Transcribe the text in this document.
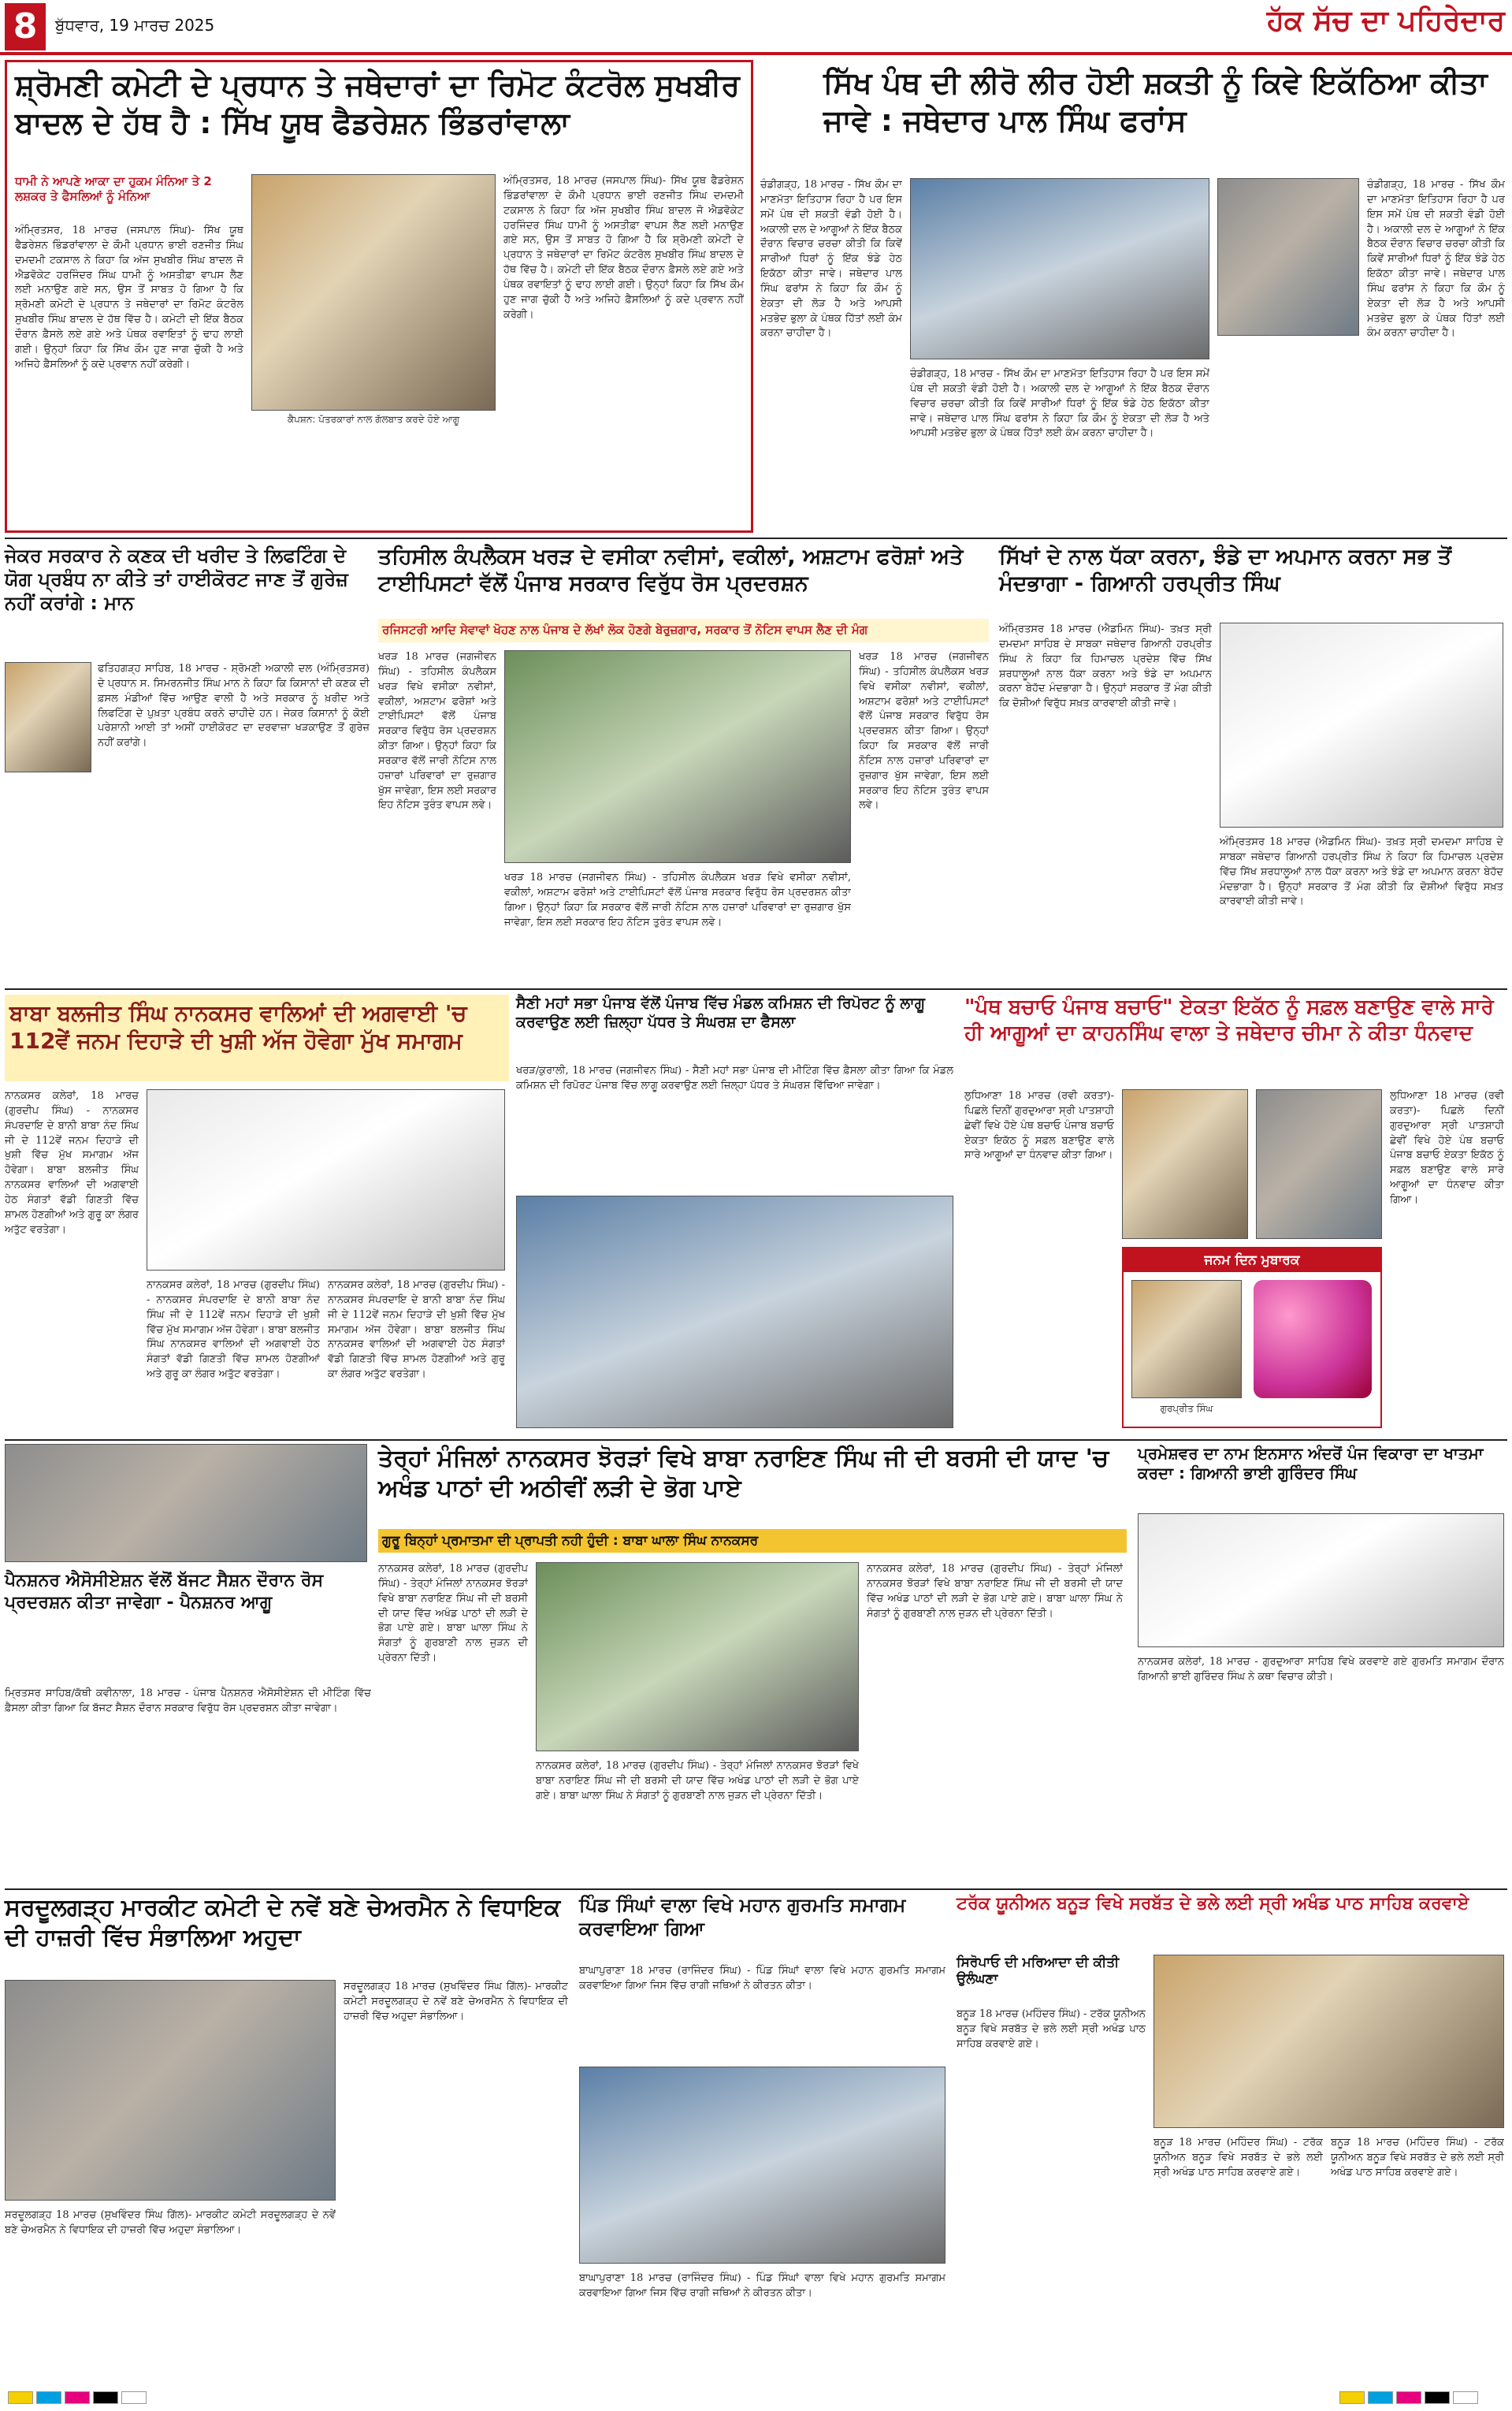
8	ਬੁੱਧਵਾਰ, 19 ਮਾਰਚ 2025	ਹੱਕ ਸੱਚ ਦਾ ਪਹਿਰੇਦਾਰ
ਸ਼੍ਰੋਮਣੀ ਕਮੇਟੀ ਦੇ ਪ੍ਰਧਾਨ ਤੇ ਜਥੇਦਾਰਾਂ ਦਾ ਰਿਮੋਟ ਕੰਟਰੋਲ ਸੁਖਬੀਰ ਬਾਦਲ ਦੇ ਹੱਥ ਹੈ : ਸਿੱਖ ਯੂਥ ਫੈਡਰੇਸ਼ਨ ਭਿੰਡਰਾਂਵਾਲਾ
ਧਾਮੀ ਨੇ ਆਪਣੇ ਆਕਾ ਦਾ ਹੁਕਮ ਮੰਨਿਆ ਤੇ 2 ਲਸ਼ਕਰ ਤੇ ਫੈਸਲਿਆਂ ਨੂੰ ਮੰਨਿਆ
ਅੰਮ੍ਰਿਤਸਰ, 18 ਮਾਰਚ (ਜਸਪਾਲ ਸਿੰਘ)- ਸਿੱਖ ਯੂਥ ਫੈਡਰੇਸ਼ਨ ਭਿੰਡਰਾਂਵਾਲਾ ਦੇ ਕੌਮੀ ਪ੍ਰਧਾਨ ਭਾਈ ਰਣਜੀਤ ਸਿੰਘ ਦਮਦਮੀ ਟਕਸਾਲ ਨੇ ਕਿਹਾ ਕਿ ਅੱਜ ਸੁਖਬੀਰ ਸਿੰਘ ਬਾਦਲ ਜੋ ਐਡਵੋਕੇਟ ਹਰਜਿੰਦਰ ਸਿੰਘ ਧਾਮੀ ਨੂੰ ਅਸਤੀਫ਼ਾ ਵਾਪਸ ਲੈਣ ਲਈ ਮਨਾਉਣ ਗਏ ਸਨ, ਉਸ ਤੋਂ ਸਾਬਤ ਹੋ ਗਿਆ ਹੈ ਕਿ ਸ਼੍ਰੋਮਣੀ ਕਮੇਟੀ ਦੇ ਪ੍ਰਧਾਨ ਤੇ ਜਥੇਦਾਰਾਂ ਦਾ ਰਿਮੋਟ ਕੰਟਰੋਲ ਸੁਖਬੀਰ ਸਿੰਘ ਬਾਦਲ ਦੇ ਹੱਥ ਵਿੱਚ ਹੈ। ਕਮੇਟੀ ਦੀ ਇੱਕ ਬੈਠਕ ਦੌਰਾਨ ਫ਼ੈਸਲੇ ਲਏ ਗਏ ਅਤੇ ਪੰਥਕ ਰਵਾਇਤਾਂ ਨੂੰ ਢਾਹ ਲਾਈ ਗਈ। ਉਨ੍ਹਾਂ ਕਿਹਾ ਕਿ ਸਿੱਖ ਕੌਮ ਹੁਣ ਜਾਗ ਚੁੱਕੀ ਹੈ ਅਤੇ ਅਜਿਹੇ ਫ਼ੈਸਲਿਆਂ ਨੂੰ ਕਦੇ ਪ੍ਰਵਾਨ ਨਹੀਂ ਕਰੇਗੀ।
ਕੈਪਸ਼ਨ: ਪੱਤਰਕਾਰਾਂ ਨਾਲ ਗੱਲਬਾਤ ਕਰਦੇ ਹੋਏ ਆਗੂ
ਅੰਮ੍ਰਿਤਸਰ, 18 ਮਾਰਚ (ਜਸਪਾਲ ਸਿੰਘ)- ਸਿੱਖ ਯੂਥ ਫੈਡਰੇਸ਼ਨ ਭਿੰਡਰਾਂਵਾਲਾ ਦੇ ਕੌਮੀ ਪ੍ਰਧਾਨ ਭਾਈ ਰਣਜੀਤ ਸਿੰਘ ਦਮਦਮੀ ਟਕਸਾਲ ਨੇ ਕਿਹਾ ਕਿ ਅੱਜ ਸੁਖਬੀਰ ਸਿੰਘ ਬਾਦਲ ਜੋ ਐਡਵੋਕੇਟ ਹਰਜਿੰਦਰ ਸਿੰਘ ਧਾਮੀ ਨੂੰ ਅਸਤੀਫ਼ਾ ਵਾਪਸ ਲੈਣ ਲਈ ਮਨਾਉਣ ਗਏ ਸਨ, ਉਸ ਤੋਂ ਸਾਬਤ ਹੋ ਗਿਆ ਹੈ ਕਿ ਸ਼੍ਰੋਮਣੀ ਕਮੇਟੀ ਦੇ ਪ੍ਰਧਾਨ ਤੇ ਜਥੇਦਾਰਾਂ ਦਾ ਰਿਮੋਟ ਕੰਟਰੋਲ ਸੁਖਬੀਰ ਸਿੰਘ ਬਾਦਲ ਦੇ ਹੱਥ ਵਿੱਚ ਹੈ। ਕਮੇਟੀ ਦੀ ਇੱਕ ਬੈਠਕ ਦੌਰਾਨ ਫ਼ੈਸਲੇ ਲਏ ਗਏ ਅਤੇ ਪੰਥਕ ਰਵਾਇਤਾਂ ਨੂੰ ਢਾਹ ਲਾਈ ਗਈ। ਉਨ੍ਹਾਂ ਕਿਹਾ ਕਿ ਸਿੱਖ ਕੌਮ ਹੁਣ ਜਾਗ ਚੁੱਕੀ ਹੈ ਅਤੇ ਅਜਿਹੇ ਫ਼ੈਸਲਿਆਂ ਨੂੰ ਕਦੇ ਪ੍ਰਵਾਨ ਨਹੀਂ ਕਰੇਗੀ।
ਸਿੱਖ ਪੰਥ ਦੀ ਲੀਰੋ ਲੀਰ ਹੋਈ ਸ਼ਕਤੀ ਨੂੰ ਕਿਵੇ ਇਕੱਠਿਆ ਕੀਤਾ ਜਾਵੇ : ਜਥੇਦਾਰ ਪਾਲ ਸਿੰਘ ਫਰਾਂਸ
ਚੰਡੀਗੜ੍ਹ, 18 ਮਾਰਚ - ਸਿੱਖ ਕੌਮ ਦਾ ਮਾਣਮੱਤਾ ਇਤਿਹਾਸ ਰਿਹਾ ਹੈ ਪਰ ਇਸ ਸਮੇਂ ਪੰਥ ਦੀ ਸ਼ਕਤੀ ਵੰਡੀ ਹੋਈ ਹੈ। ਅਕਾਲੀ ਦਲ ਦੇ ਆਗੂਆਂ ਨੇ ਇੱਕ ਬੈਠਕ ਦੌਰਾਨ ਵਿਚਾਰ ਚਰਚਾ ਕੀਤੀ ਕਿ ਕਿਵੇਂ ਸਾਰੀਆਂ ਧਿਰਾਂ ਨੂੰ ਇੱਕ ਝੰਡੇ ਹੇਠ ਇਕੱਠਾ ਕੀਤਾ ਜਾਵੇ। ਜਥੇਦਾਰ ਪਾਲ ਸਿੰਘ ਫਰਾਂਸ ਨੇ ਕਿਹਾ ਕਿ ਕੌਮ ਨੂੰ ਏਕਤਾ ਦੀ ਲੋੜ ਹੈ ਅਤੇ ਆਪਸੀ ਮਤਭੇਦ ਭੁਲਾ ਕੇ ਪੰਥਕ ਹਿੱਤਾਂ ਲਈ ਕੰਮ ਕਰਨਾ ਚਾਹੀਦਾ ਹੈ।
ਚੰਡੀਗੜ੍ਹ, 18 ਮਾਰਚ - ਸਿੱਖ ਕੌਮ ਦਾ ਮਾਣਮੱਤਾ ਇਤਿਹਾਸ ਰਿਹਾ ਹੈ ਪਰ ਇਸ ਸਮੇਂ ਪੰਥ ਦੀ ਸ਼ਕਤੀ ਵੰਡੀ ਹੋਈ ਹੈ। ਅਕਾਲੀ ਦਲ ਦੇ ਆਗੂਆਂ ਨੇ ਇੱਕ ਬੈਠਕ ਦੌਰਾਨ ਵਿਚਾਰ ਚਰਚਾ ਕੀਤੀ ਕਿ ਕਿਵੇਂ ਸਾਰੀਆਂ ਧਿਰਾਂ ਨੂੰ ਇੱਕ ਝੰਡੇ ਹੇਠ ਇਕੱਠਾ ਕੀਤਾ ਜਾਵੇ। ਜਥੇਦਾਰ ਪਾਲ ਸਿੰਘ ਫਰਾਂਸ ਨੇ ਕਿਹਾ ਕਿ ਕੌਮ ਨੂੰ ਏਕਤਾ ਦੀ ਲੋੜ ਹੈ ਅਤੇ ਆਪਸੀ ਮਤਭੇਦ ਭੁਲਾ ਕੇ ਪੰਥਕ ਹਿੱਤਾਂ ਲਈ ਕੰਮ ਕਰਨਾ ਚਾਹੀਦਾ ਹੈ।
ਚੰਡੀਗੜ੍ਹ, 18 ਮਾਰਚ - ਸਿੱਖ ਕੌਮ ਦਾ ਮਾਣਮੱਤਾ ਇਤਿਹਾਸ ਰਿਹਾ ਹੈ ਪਰ ਇਸ ਸਮੇਂ ਪੰਥ ਦੀ ਸ਼ਕਤੀ ਵੰਡੀ ਹੋਈ ਹੈ। ਅਕਾਲੀ ਦਲ ਦੇ ਆਗੂਆਂ ਨੇ ਇੱਕ ਬੈਠਕ ਦੌਰਾਨ ਵਿਚਾਰ ਚਰਚਾ ਕੀਤੀ ਕਿ ਕਿਵੇਂ ਸਾਰੀਆਂ ਧਿਰਾਂ ਨੂੰ ਇੱਕ ਝੰਡੇ ਹੇਠ ਇਕੱਠਾ ਕੀਤਾ ਜਾਵੇ। ਜਥੇਦਾਰ ਪਾਲ ਸਿੰਘ ਫਰਾਂਸ ਨੇ ਕਿਹਾ ਕਿ ਕੌਮ ਨੂੰ ਏਕਤਾ ਦੀ ਲੋੜ ਹੈ ਅਤੇ ਆਪਸੀ ਮਤਭੇਦ ਭੁਲਾ ਕੇ ਪੰਥਕ ਹਿੱਤਾਂ ਲਈ ਕੰਮ ਕਰਨਾ ਚਾਹੀਦਾ ਹੈ।
ਜੇਕਰ ਸਰਕਾਰ ਨੇ ਕਣਕ ਦੀ ਖਰੀਦ ਤੇ ਲਿਫਟਿੰਗ ਦੇ ਯੋਗ ਪ੍ਰਬੰਧ ਨਾ ਕੀਤੇ ਤਾਂ ਹਾਈਕੋਰਟ ਜਾਣ ਤੋਂ ਗੁਰੇਜ਼ ਨਹੀਂ ਕਰਾਂਗੇ : ਮਾਨ
ਫਤਿਹਗੜ੍ਹ ਸਾਹਿਬ, 18 ਮਾਰਚ - ਸ਼੍ਰੋਮਣੀ ਅਕਾਲੀ ਦਲ (ਅੰਮ੍ਰਿਤਸਰ) ਦੇ ਪ੍ਰਧਾਨ ਸ. ਸਿਮਰਨਜੀਤ ਸਿੰਘ ਮਾਨ ਨੇ ਕਿਹਾ ਕਿ ਕਿਸਾਨਾਂ ਦੀ ਕਣਕ ਦੀ ਫ਼ਸਲ ਮੰਡੀਆਂ ਵਿੱਚ ਆਉਣ ਵਾਲੀ ਹੈ ਅਤੇ ਸਰਕਾਰ ਨੂੰ ਖ਼ਰੀਦ ਅਤੇ ਲਿਫਟਿੰਗ ਦੇ ਪੁਖ਼ਤਾ ਪ੍ਰਬੰਧ ਕਰਨੇ ਚਾਹੀਦੇ ਹਨ। ਜੇਕਰ ਕਿਸਾਨਾਂ ਨੂੰ ਕੋਈ ਪਰੇਸ਼ਾਨੀ ਆਈ ਤਾਂ ਅਸੀਂ ਹਾਈਕੋਰਟ ਦਾ ਦਰਵਾਜ਼ਾ ਖੜਕਾਉਣ ਤੋਂ ਗੁਰੇਜ਼ ਨਹੀਂ ਕਰਾਂਗੇ।
ਤਹਿਸੀਲ ਕੰਪਲੈਕਸ ਖਰੜ ਦੇ ਵਸੀਕਾ ਨਵੀਸਾਂ, ਵਕੀਲਾਂ, ਅਸ਼ਟਾਮ ਫਰੋਸ਼ਾਂ ਅਤੇ ਟਾਈਪਿਸਟਾਂ ਵੱਲੋਂ ਪੰਜਾਬ ਸਰਕਾਰ ਵਿਰੁੱਧ ਰੋਸ ਪ੍ਰਦਰਸ਼ਨ
ਰਜਿਸਟਰੀ ਆਦਿ ਸੇਵਾਵਾਂ ਖੋਹਣ ਨਾਲ ਪੰਜਾਬ ਦੇ ਲੱਖਾਂ ਲੋਕ ਹੋਣਗੇ ਬੇਰੁਜ਼ਗਾਰ, ਸਰਕਾਰ ਤੋਂ ਨੋਟਿਸ ਵਾਪਸ ਲੈਣ ਦੀ ਮੰਗ
ਖਰੜ 18 ਮਾਰਚ (ਜਗਜੀਵਨ ਸਿੰਘ) - ਤਹਿਸੀਲ ਕੰਪਲੈਕਸ ਖਰੜ ਵਿਖੇ ਵਸੀਕਾ ਨਵੀਸਾਂ, ਵਕੀਲਾਂ, ਅਸ਼ਟਾਮ ਫਰੋਸ਼ਾਂ ਅਤੇ ਟਾਈਪਿਸਟਾਂ ਵੱਲੋਂ ਪੰਜਾਬ ਸਰਕਾਰ ਵਿਰੁੱਧ ਰੋਸ ਪ੍ਰਦਰਸ਼ਨ ਕੀਤਾ ਗਿਆ। ਉਨ੍ਹਾਂ ਕਿਹਾ ਕਿ ਸਰਕਾਰ ਵੱਲੋਂ ਜਾਰੀ ਨੋਟਿਸ ਨਾਲ ਹਜ਼ਾਰਾਂ ਪਰਿਵਾਰਾਂ ਦਾ ਰੁਜ਼ਗਾਰ ਖੁੱਸ ਜਾਵੇਗਾ, ਇਸ ਲਈ ਸਰਕਾਰ ਇਹ ਨੋਟਿਸ ਤੁਰੰਤ ਵਾਪਸ ਲਵੇ।
ਖਰੜ 18 ਮਾਰਚ (ਜਗਜੀਵਨ ਸਿੰਘ) - ਤਹਿਸੀਲ ਕੰਪਲੈਕਸ ਖਰੜ ਵਿਖੇ ਵਸੀਕਾ ਨਵੀਸਾਂ, ਵਕੀਲਾਂ, ਅਸ਼ਟਾਮ ਫਰੋਸ਼ਾਂ ਅਤੇ ਟਾਈਪਿਸਟਾਂ ਵੱਲੋਂ ਪੰਜਾਬ ਸਰਕਾਰ ਵਿਰੁੱਧ ਰੋਸ ਪ੍ਰਦਰਸ਼ਨ ਕੀਤਾ ਗਿਆ। ਉਨ੍ਹਾਂ ਕਿਹਾ ਕਿ ਸਰਕਾਰ ਵੱਲੋਂ ਜਾਰੀ ਨੋਟਿਸ ਨਾਲ ਹਜ਼ਾਰਾਂ ਪਰਿਵਾਰਾਂ ਦਾ ਰੁਜ਼ਗਾਰ ਖੁੱਸ ਜਾਵੇਗਾ, ਇਸ ਲਈ ਸਰਕਾਰ ਇਹ ਨੋਟਿਸ ਤੁਰੰਤ ਵਾਪਸ ਲਵੇ।
ਖਰੜ 18 ਮਾਰਚ (ਜਗਜੀਵਨ ਸਿੰਘ) - ਤਹਿਸੀਲ ਕੰਪਲੈਕਸ ਖਰੜ ਵਿਖੇ ਵਸੀਕਾ ਨਵੀਸਾਂ, ਵਕੀਲਾਂ, ਅਸ਼ਟਾਮ ਫਰੋਸ਼ਾਂ ਅਤੇ ਟਾਈਪਿਸਟਾਂ ਵੱਲੋਂ ਪੰਜਾਬ ਸਰਕਾਰ ਵਿਰੁੱਧ ਰੋਸ ਪ੍ਰਦਰਸ਼ਨ ਕੀਤਾ ਗਿਆ। ਉਨ੍ਹਾਂ ਕਿਹਾ ਕਿ ਸਰਕਾਰ ਵੱਲੋਂ ਜਾਰੀ ਨੋਟਿਸ ਨਾਲ ਹਜ਼ਾਰਾਂ ਪਰਿਵਾਰਾਂ ਦਾ ਰੁਜ਼ਗਾਰ ਖੁੱਸ ਜਾਵੇਗਾ, ਇਸ ਲਈ ਸਰਕਾਰ ਇਹ ਨੋਟਿਸ ਤੁਰੰਤ ਵਾਪਸ ਲਵੇ।
ਸਿੱਖਾਂ ਦੇ ਨਾਲ ਧੱਕਾ ਕਰਨਾ, ਝੰਡੇ ਦਾ ਅਪਮਾਨ ਕਰਨਾ ਸਭ ਤੋਂ ਮੰਦਭਾਗਾ - ਗਿਆਨੀ ਹਰਪ੍ਰੀਤ ਸਿੰਘ
ਅੰਮ੍ਰਿਤਸਰ 18 ਮਾਰਚ (ਐਡਮਿਨ ਸਿੰਘ)- ਤਖ਼ਤ ਸ੍ਰੀ ਦਮਦਮਾ ਸਾਹਿਬ ਦੇ ਸਾਬਕਾ ਜਥੇਦਾਰ ਗਿਆਨੀ ਹਰਪ੍ਰੀਤ ਸਿੰਘ ਨੇ ਕਿਹਾ ਕਿ ਹਿਮਾਚਲ ਪ੍ਰਦੇਸ਼ ਵਿੱਚ ਸਿੱਖ ਸ਼ਰਧਾਲੂਆਂ ਨਾਲ ਧੱਕਾ ਕਰਨਾ ਅਤੇ ਝੰਡੇ ਦਾ ਅਪਮਾਨ ਕਰਨਾ ਬੇਹੱਦ ਮੰਦਭਾਗਾ ਹੈ। ਉਨ੍ਹਾਂ ਸਰਕਾਰ ਤੋਂ ਮੰਗ ਕੀਤੀ ਕਿ ਦੋਸ਼ੀਆਂ ਵਿਰੁੱਧ ਸਖ਼ਤ ਕਾਰਵਾਈ ਕੀਤੀ ਜਾਵੇ।
ਅੰਮ੍ਰਿਤਸਰ 18 ਮਾਰਚ (ਐਡਮਿਨ ਸਿੰਘ)- ਤਖ਼ਤ ਸ੍ਰੀ ਦਮਦਮਾ ਸਾਹਿਬ ਦੇ ਸਾਬਕਾ ਜਥੇਦਾਰ ਗਿਆਨੀ ਹਰਪ੍ਰੀਤ ਸਿੰਘ ਨੇ ਕਿਹਾ ਕਿ ਹਿਮਾਚਲ ਪ੍ਰਦੇਸ਼ ਵਿੱਚ ਸਿੱਖ ਸ਼ਰਧਾਲੂਆਂ ਨਾਲ ਧੱਕਾ ਕਰਨਾ ਅਤੇ ਝੰਡੇ ਦਾ ਅਪਮਾਨ ਕਰਨਾ ਬੇਹੱਦ ਮੰਦਭਾਗਾ ਹੈ। ਉਨ੍ਹਾਂ ਸਰਕਾਰ ਤੋਂ ਮੰਗ ਕੀਤੀ ਕਿ ਦੋਸ਼ੀਆਂ ਵਿਰੁੱਧ ਸਖ਼ਤ ਕਾਰਵਾਈ ਕੀਤੀ ਜਾਵੇ।
ਬਾਬਾ ਬਲਜੀਤ ਸਿੰਘ ਨਾਨਕਸਰ ਵਾਲਿਆਂ ਦੀ ਅਗਵਾਈ 'ਚ 112ਵੇਂ ਜਨਮ ਦਿਹਾੜੇ ਦੀ ਖੁਸ਼ੀ ਅੱਜ ਹੋਵੇਗਾ ਮੁੱਖ ਸਮਾਗਮ
ਨਾਨਕਸਰ ਕਲੇਰਾਂ, 18 ਮਾਰਚ (ਗੁਰਦੀਪ ਸਿੰਘ) - ਨਾਨਕਸਰ ਸੰਪਰਦਾਇ ਦੇ ਬਾਨੀ ਬਾਬਾ ਨੰਦ ਸਿੰਘ ਜੀ ਦੇ 112ਵੇਂ ਜਨਮ ਦਿਹਾੜੇ ਦੀ ਖੁਸ਼ੀ ਵਿੱਚ ਮੁੱਖ ਸਮਾਗਮ ਅੱਜ ਹੋਵੇਗਾ। ਬਾਬਾ ਬਲਜੀਤ ਸਿੰਘ ਨਾਨਕਸਰ ਵਾਲਿਆਂ ਦੀ ਅਗਵਾਈ ਹੇਠ ਸੰਗਤਾਂ ਵੱਡੀ ਗਿਣਤੀ ਵਿੱਚ ਸ਼ਾਮਲ ਹੋਣਗੀਆਂ ਅਤੇ ਗੁਰੂ ਕਾ ਲੰਗਰ ਅਤੁੱਟ ਵਰਤੇਗਾ।
ਨਾਨਕਸਰ ਕਲੇਰਾਂ, 18 ਮਾਰਚ (ਗੁਰਦੀਪ ਸਿੰਘ) - ਨਾਨਕਸਰ ਸੰਪਰਦਾਇ ਦੇ ਬਾਨੀ ਬਾਬਾ ਨੰਦ ਸਿੰਘ ਜੀ ਦੇ 112ਵੇਂ ਜਨਮ ਦਿਹਾੜੇ ਦੀ ਖੁਸ਼ੀ ਵਿੱਚ ਮੁੱਖ ਸਮਾਗਮ ਅੱਜ ਹੋਵੇਗਾ। ਬਾਬਾ ਬਲਜੀਤ ਸਿੰਘ ਨਾਨਕਸਰ ਵਾਲਿਆਂ ਦੀ ਅਗਵਾਈ ਹੇਠ ਸੰਗਤਾਂ ਵੱਡੀ ਗਿਣਤੀ ਵਿੱਚ ਸ਼ਾਮਲ ਹੋਣਗੀਆਂ ਅਤੇ ਗੁਰੂ ਕਾ ਲੰਗਰ ਅਤੁੱਟ ਵਰਤੇਗਾ।
ਨਾਨਕਸਰ ਕਲੇਰਾਂ, 18 ਮਾਰਚ (ਗੁਰਦੀਪ ਸਿੰਘ) - ਨਾਨਕਸਰ ਸੰਪਰਦਾਇ ਦੇ ਬਾਨੀ ਬਾਬਾ ਨੰਦ ਸਿੰਘ ਜੀ ਦੇ 112ਵੇਂ ਜਨਮ ਦਿਹਾੜੇ ਦੀ ਖੁਸ਼ੀ ਵਿੱਚ ਮੁੱਖ ਸਮਾਗਮ ਅੱਜ ਹੋਵੇਗਾ। ਬਾਬਾ ਬਲਜੀਤ ਸਿੰਘ ਨਾਨਕਸਰ ਵਾਲਿਆਂ ਦੀ ਅਗਵਾਈ ਹੇਠ ਸੰਗਤਾਂ ਵੱਡੀ ਗਿਣਤੀ ਵਿੱਚ ਸ਼ਾਮਲ ਹੋਣਗੀਆਂ ਅਤੇ ਗੁਰੂ ਕਾ ਲੰਗਰ ਅਤੁੱਟ ਵਰਤੇਗਾ।
ਸੈਣੀ ਮਹਾਂ ਸਭਾ ਪੰਜਾਬ ਵੱਲੋਂ ਪੰਜਾਬ ਵਿੱਚ ਮੰਡਲ ਕਮਿਸ਼ਨ ਦੀ ਰਿਪੋਰਟ ਨੂੰ ਲਾਗੂ ਕਰਵਾਉਣ ਲਈ ਜ਼ਿਲ੍ਹਾ ਪੱਧਰ ਤੇ ਸੰਘਰਸ਼ ਦਾ ਫੈਸਲਾ
ਖਰੜ/ਕੁਰਾਲੀ, 18 ਮਾਰਚ (ਜਗਜੀਵਨ ਸਿੰਘ) - ਸੈਣੀ ਮਹਾਂ ਸਭਾ ਪੰਜਾਬ ਦੀ ਮੀਟਿੰਗ ਵਿੱਚ ਫ਼ੈਸਲਾ ਕੀਤਾ ਗਿਆ ਕਿ ਮੰਡਲ ਕਮਿਸ਼ਨ ਦੀ ਰਿਪੋਰਟ ਪੰਜਾਬ ਵਿੱਚ ਲਾਗੂ ਕਰਵਾਉਣ ਲਈ ਜ਼ਿਲ੍ਹਾ ਪੱਧਰ ਤੇ ਸੰਘਰਸ਼ ਵਿੱਢਿਆ ਜਾਵੇਗਾ।
"ਪੰਥ ਬਚਾਓ ਪੰਜਾਬ ਬਚਾਓ" ਏਕਤਾ ਇਕੱਠ ਨੂੰ ਸਫ਼ਲ ਬਣਾਉਣ ਵਾਲੇ ਸਾਰੇ ਹੀ ਆਗੂਆਂ ਦਾ ਕਾਹਨਸਿੰਘ ਵਾਲਾ ਤੇ ਜਥੇਦਾਰ ਚੀਮਾ ਨੇ ਕੀਤਾ ਧੰਨਵਾਦ
ਲੁਧਿਆਣਾ 18 ਮਾਰਚ (ਰਵੀ ਕਰਤਾ)- ਪਿਛਲੇ ਦਿਨੀਂ ਗੁਰਦੁਆਰਾ ਸ੍ਰੀ ਪਾਤਸ਼ਾਹੀ ਛੇਵੀਂ ਵਿਖੇ ਹੋਏ ਪੰਥ ਬਚਾਓ ਪੰਜਾਬ ਬਚਾਓ ਏਕਤਾ ਇਕੱਠ ਨੂੰ ਸਫ਼ਲ ਬਣਾਉਣ ਵਾਲੇ ਸਾਰੇ ਆਗੂਆਂ ਦਾ ਧੰਨਵਾਦ ਕੀਤਾ ਗਿਆ।
ਲੁਧਿਆਣਾ 18 ਮਾਰਚ (ਰਵੀ ਕਰਤਾ)- ਪਿਛਲੇ ਦਿਨੀਂ ਗੁਰਦੁਆਰਾ ਸ੍ਰੀ ਪਾਤਸ਼ਾਹੀ ਛੇਵੀਂ ਵਿਖੇ ਹੋਏ ਪੰਥ ਬਚਾਓ ਪੰਜਾਬ ਬਚਾਓ ਏਕਤਾ ਇਕੱਠ ਨੂੰ ਸਫ਼ਲ ਬਣਾਉਣ ਵਾਲੇ ਸਾਰੇ ਆਗੂਆਂ ਦਾ ਧੰਨਵਾਦ ਕੀਤਾ ਗਿਆ।
ਜਨਮ ਦਿਨ ਮੁਬਾਰਕ
ਗੁਰਪ੍ਰੀਤ ਸਿੰਘ
ਪੈਨਸ਼ਨਰ ਐਸੋਸੀਏਸ਼ਨ ਵੱਲੋਂ ਬੱਜਟ ਸੈਸ਼ਨ ਦੌਰਾਨ ਰੋਸ ਪ੍ਰਦਰਸ਼ਨ ਕੀਤਾ ਜਾਵੇਗਾ - ਪੈਨਸ਼ਨਰ ਆਗੂ
ਤੇਰ੍ਹਾਂ ਮੰਜਿਲਾਂ ਨਾਨਕਸਰ ਝੋਰੜਾਂ ਵਿਖੇ ਬਾਬਾ ਨਰਾਇਣ ਸਿੰਘ ਜੀ ਦੀ ਬਰਸੀ ਦੀ ਯਾਦ 'ਚ ਅਖੰਡ ਪਾਠਾਂ ਦੀ ਅਠੀਵੀਂ ਲੜੀ ਦੇ ਭੋਗ ਪਾਏ
ਗੁਰੂ ਬਿਨ੍ਹਾਂ ਪ੍ਰਮਾਤਮਾ ਦੀ ਪ੍ਰਾਪਤੀ ਨਹੀ ਹੁੰਦੀ : ਬਾਬਾ ਘਾਲਾ ਸਿੰਘ ਨਾਨਕਸਰ
ਨਾਨਕਸਰ ਕਲੇਰਾਂ, 18 ਮਾਰਚ (ਗੁਰਦੀਪ ਸਿੰਘ) - ਤੇਰ੍ਹਾਂ ਮੰਜਿਲਾਂ ਨਾਨਕਸਰ ਝੋਰੜਾਂ ਵਿਖੇ ਬਾਬਾ ਨਰਾਇਣ ਸਿੰਘ ਜੀ ਦੀ ਬਰਸੀ ਦੀ ਯਾਦ ਵਿੱਚ ਅਖੰਡ ਪਾਠਾਂ ਦੀ ਲੜੀ ਦੇ ਭੋਗ ਪਾਏ ਗਏ। ਬਾਬਾ ਘਾਲਾ ਸਿੰਘ ਨੇ ਸੰਗਤਾਂ ਨੂੰ ਗੁਰਬਾਣੀ ਨਾਲ ਜੁੜਨ ਦੀ ਪ੍ਰੇਰਨਾ ਦਿੱਤੀ।
ਨਾਨਕਸਰ ਕਲੇਰਾਂ, 18 ਮਾਰਚ (ਗੁਰਦੀਪ ਸਿੰਘ) - ਤੇਰ੍ਹਾਂ ਮੰਜਿਲਾਂ ਨਾਨਕਸਰ ਝੋਰੜਾਂ ਵਿਖੇ ਬਾਬਾ ਨਰਾਇਣ ਸਿੰਘ ਜੀ ਦੀ ਬਰਸੀ ਦੀ ਯਾਦ ਵਿੱਚ ਅਖੰਡ ਪਾਠਾਂ ਦੀ ਲੜੀ ਦੇ ਭੋਗ ਪਾਏ ਗਏ। ਬਾਬਾ ਘਾਲਾ ਸਿੰਘ ਨੇ ਸੰਗਤਾਂ ਨੂੰ ਗੁਰਬਾਣੀ ਨਾਲ ਜੁੜਨ ਦੀ ਪ੍ਰੇਰਨਾ ਦਿੱਤੀ।
ਨਾਨਕਸਰ ਕਲੇਰਾਂ, 18 ਮਾਰਚ (ਗੁਰਦੀਪ ਸਿੰਘ) - ਤੇਰ੍ਹਾਂ ਮੰਜਿਲਾਂ ਨਾਨਕਸਰ ਝੋਰੜਾਂ ਵਿਖੇ ਬਾਬਾ ਨਰਾਇਣ ਸਿੰਘ ਜੀ ਦੀ ਬਰਸੀ ਦੀ ਯਾਦ ਵਿੱਚ ਅਖੰਡ ਪਾਠਾਂ ਦੀ ਲੜੀ ਦੇ ਭੋਗ ਪਾਏ ਗਏ। ਬਾਬਾ ਘਾਲਾ ਸਿੰਘ ਨੇ ਸੰਗਤਾਂ ਨੂੰ ਗੁਰਬਾਣੀ ਨਾਲ ਜੁੜਨ ਦੀ ਪ੍ਰੇਰਨਾ ਦਿੱਤੀ।
ਪ੍ਰਮੇਸ਼ਵਰ ਦਾ ਨਾਮ ਇਨਸਾਨ ਅੰਦਰੋਂ ਪੰਜ ਵਿਕਾਰਾ ਦਾ ਖਾਤਮਾ ਕਰਦਾ : ਗਿਆਨੀ ਭਾਈ ਗੁਰਿੰਦਰ ਸਿੰਘ
ਨਾਨਕਸਰ ਕਲੇਰਾਂ, 18 ਮਾਰਚ - ਗੁਰਦੁਆਰਾ ਸਾਹਿਬ ਵਿਖੇ ਕਰਵਾਏ ਗਏ ਗੁਰਮਤਿ ਸਮਾਗਮ ਦੌਰਾਨ ਗਿਆਨੀ ਭਾਈ ਗੁਰਿੰਦਰ ਸਿੰਘ ਨੇ ਕਥਾ ਵਿਚਾਰ ਕੀਤੀ।
ਮ੍ਰਿਤਸਰ ਸਾਹਿਬ/ਕੱਥੀ ਕਵੀਨਾਲਾ, 18 ਮਾਰਚ - ਪੰਜਾਬ ਪੈਨਸ਼ਨਰ ਐਸੋਸੀਏਸ਼ਨ ਦੀ ਮੀਟਿੰਗ ਵਿੱਚ ਫ਼ੈਸਲਾ ਕੀਤਾ ਗਿਆ ਕਿ ਬੱਜਟ ਸੈਸ਼ਨ ਦੌਰਾਨ ਸਰਕਾਰ ਵਿਰੁੱਧ ਰੋਸ ਪ੍ਰਦਰਸ਼ਨ ਕੀਤਾ ਜਾਵੇਗਾ।
ਸਰਦੂਲਗੜ੍ਹ ਮਾਰਕੀਟ ਕਮੇਟੀ ਦੇ ਨਵੇਂ ਬਣੇ ਚੇਅਰਮੈਨ ਨੇ ਵਿਧਾਇਕ ਦੀ ਹਾਜ਼ਰੀ ਵਿੱਚ ਸੰਭਾਲਿਆ ਅਹੁਦਾ
ਸਰਦੂਲਗੜ੍ਹ 18 ਮਾਰਚ (ਸੁਖਵਿੰਦਰ ਸਿੰਘ ਗਿੱਲ)- ਮਾਰਕੀਟ ਕਮੇਟੀ ਸਰਦੂਲਗੜ੍ਹ ਦੇ ਨਵੇਂ ਬਣੇ ਚੇਅਰਮੈਨ ਨੇ ਵਿਧਾਇਕ ਦੀ ਹਾਜ਼ਰੀ ਵਿੱਚ ਅਹੁਦਾ ਸੰਭਾਲਿਆ।
ਸਰਦੂਲਗੜ੍ਹ 18 ਮਾਰਚ (ਸੁਖਵਿੰਦਰ ਸਿੰਘ ਗਿੱਲ)- ਮਾਰਕੀਟ ਕਮੇਟੀ ਸਰਦੂਲਗੜ੍ਹ ਦੇ ਨਵੇਂ ਬਣੇ ਚੇਅਰਮੈਨ ਨੇ ਵਿਧਾਇਕ ਦੀ ਹਾਜ਼ਰੀ ਵਿੱਚ ਅਹੁਦਾ ਸੰਭਾਲਿਆ।
ਪਿੰਡ ਸਿੰਘਾਂ ਵਾਲਾ ਵਿਖੇ ਮਹਾਨ ਗੁਰਮਤਿ ਸਮਾਗਮ ਕਰਵਾਇਆ ਗਿਆ
ਬਾਘਾਪੁਰਾਣਾ 18 ਮਾਰਚ (ਰਾਜਿੰਦਰ ਸਿੰਘ) - ਪਿੰਡ ਸਿੰਘਾਂ ਵਾਲਾ ਵਿਖੇ ਮਹਾਨ ਗੁਰਮਤਿ ਸਮਾਗਮ ਕਰਵਾਇਆ ਗਿਆ ਜਿਸ ਵਿੱਚ ਰਾਗੀ ਜਥਿਆਂ ਨੇ ਕੀਰਤਨ ਕੀਤਾ।
ਬਾਘਾਪੁਰਾਣਾ 18 ਮਾਰਚ (ਰਾਜਿੰਦਰ ਸਿੰਘ) - ਪਿੰਡ ਸਿੰਘਾਂ ਵਾਲਾ ਵਿਖੇ ਮਹਾਨ ਗੁਰਮਤਿ ਸਮਾਗਮ ਕਰਵਾਇਆ ਗਿਆ ਜਿਸ ਵਿੱਚ ਰਾਗੀ ਜਥਿਆਂ ਨੇ ਕੀਰਤਨ ਕੀਤਾ।
ਟਰੱਕ ਯੂਨੀਅਨ ਬਨੂੜ ਵਿਖੇ ਸਰਬੱਤ ਦੇ ਭਲੇ ਲਈ ਸ੍ਰੀ ਅਖੰਡ ਪਾਠ ਸਾਹਿਬ ਕਰਵਾਏ
ਸਿਰੋਪਾਓ ਦੀ ਮਰਿਆਦਾ ਦੀ ਕੀਤੀ ਉਲੰਘਣਾ
ਬਨੂੜ 18 ਮਾਰਚ (ਮਹਿੰਦਰ ਸਿੰਘ) - ਟਰੱਕ ਯੂਨੀਅਨ ਬਨੂੜ ਵਿਖੇ ਸਰਬੱਤ ਦੇ ਭਲੇ ਲਈ ਸ੍ਰੀ ਅਖੰਡ ਪਾਠ ਸਾਹਿਬ ਕਰਵਾਏ ਗਏ।
ਬਨੂੜ 18 ਮਾਰਚ (ਮਹਿੰਦਰ ਸਿੰਘ) - ਟਰੱਕ ਯੂਨੀਅਨ ਬਨੂੜ ਵਿਖੇ ਸਰਬੱਤ ਦੇ ਭਲੇ ਲਈ ਸ੍ਰੀ ਅਖੰਡ ਪਾਠ ਸਾਹਿਬ ਕਰਵਾਏ ਗਏ।
ਬਨੂੜ 18 ਮਾਰਚ (ਮਹਿੰਦਰ ਸਿੰਘ) - ਟਰੱਕ ਯੂਨੀਅਨ ਬਨੂੜ ਵਿਖੇ ਸਰਬੱਤ ਦੇ ਭਲੇ ਲਈ ਸ੍ਰੀ ਅਖੰਡ ਪਾਠ ਸਾਹਿਬ ਕਰਵਾਏ ਗਏ।
